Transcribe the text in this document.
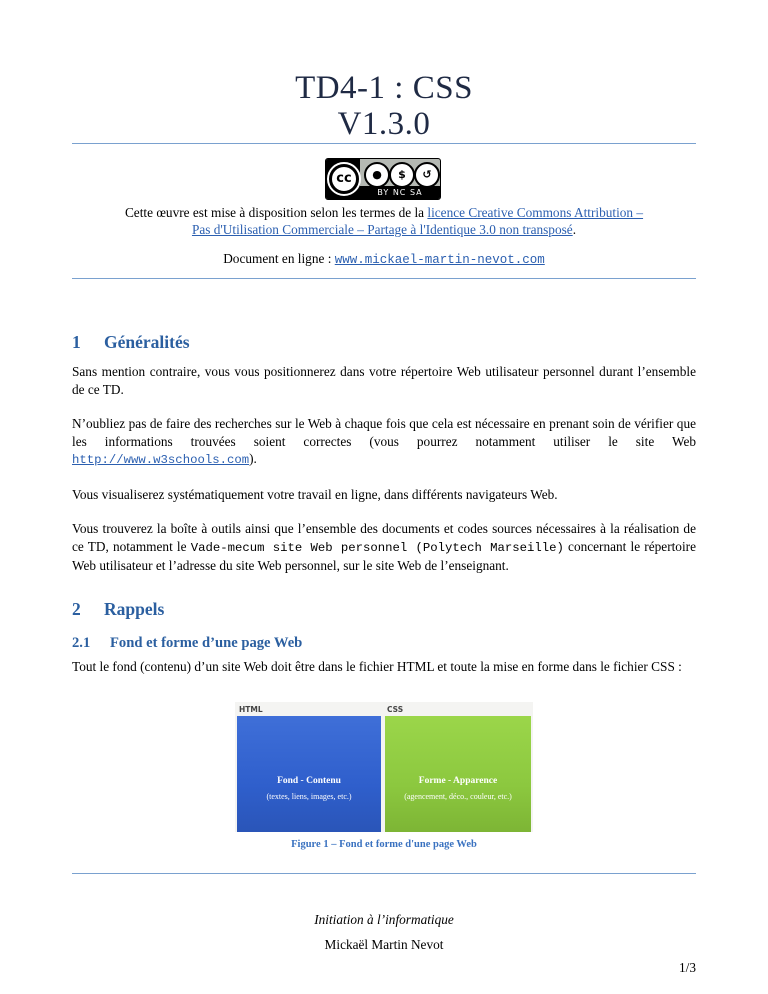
TD4-1 : CSS
V1.3.0
cc	●	$	↺
BY NC SA
Cette œuvre est mise à disposition selon les termes de la licence Creative Commons Attribution –
Pas d'Utilisation Commerciale – Partage à l'Identique 3.0 non transposé.
Document en ligne : www.mickael-martin-nevot.com
1 Généralités
Sans mention contraire, vous vous positionnerez dans votre répertoire Web utilisateur personnel durant l’ensemble de ce TD.
N’oubliez pas de faire des recherches sur le Web à chaque fois que cela est nécessaire en prenant soin de vérifier que les informations trouvées soient correctes (vous pourrez notamment utiliser le site Web http://www.w3schools.com).
Vous visualiserez systématiquement votre travail en ligne, dans différents navigateurs Web.
Vous trouverez la boîte à outils ainsi que l’ensemble des documents et codes sources nécessaires à la réalisation de ce TD, notamment le Vade-mecum site Web personnel (Polytech Marseille) concernant le répertoire Web utilisateur et l’adresse du site Web personnel, sur le site Web de l’enseignant.
2 Rappels
2.1 Fond et forme d’une page Web
Tout le fond (contenu) d’un site Web doit être dans le fichier HTML et toute la mise en forme dans le fichier CSS :
HTML	CSS
Fond - Contenu
(textes, liens, images, etc.)
Forme - Apparence
(agencement, déco., couleur, etc.)
Figure 1 – Fond et forme d'une page Web
Initiation à l’informatique
Mickaël Martin Nevot
1/3
